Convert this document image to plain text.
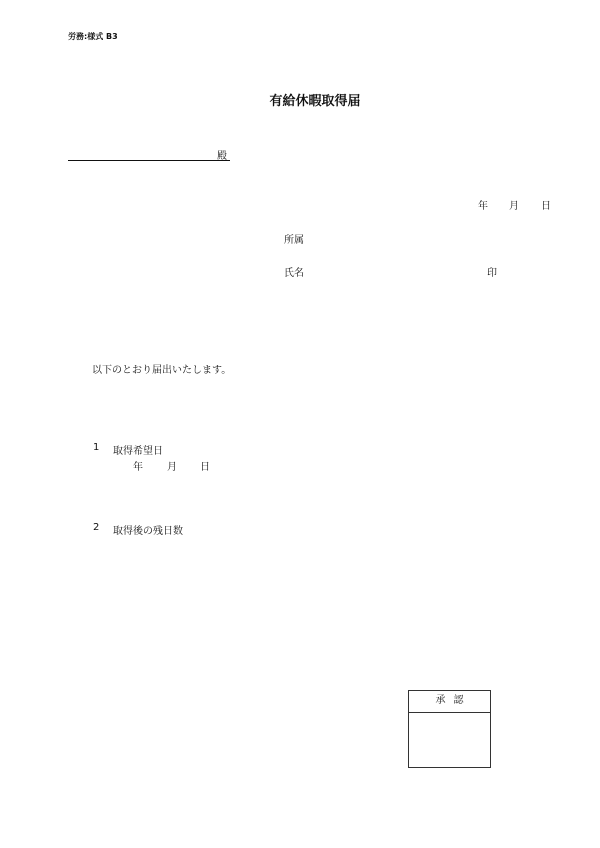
労務:様式 B3
有給休暇取得届
殿
年 月 日
所属
氏名	印
以下のとおり届出いたします。
1 取得希望日
年 月 日
2 取得後の残日数
承認
